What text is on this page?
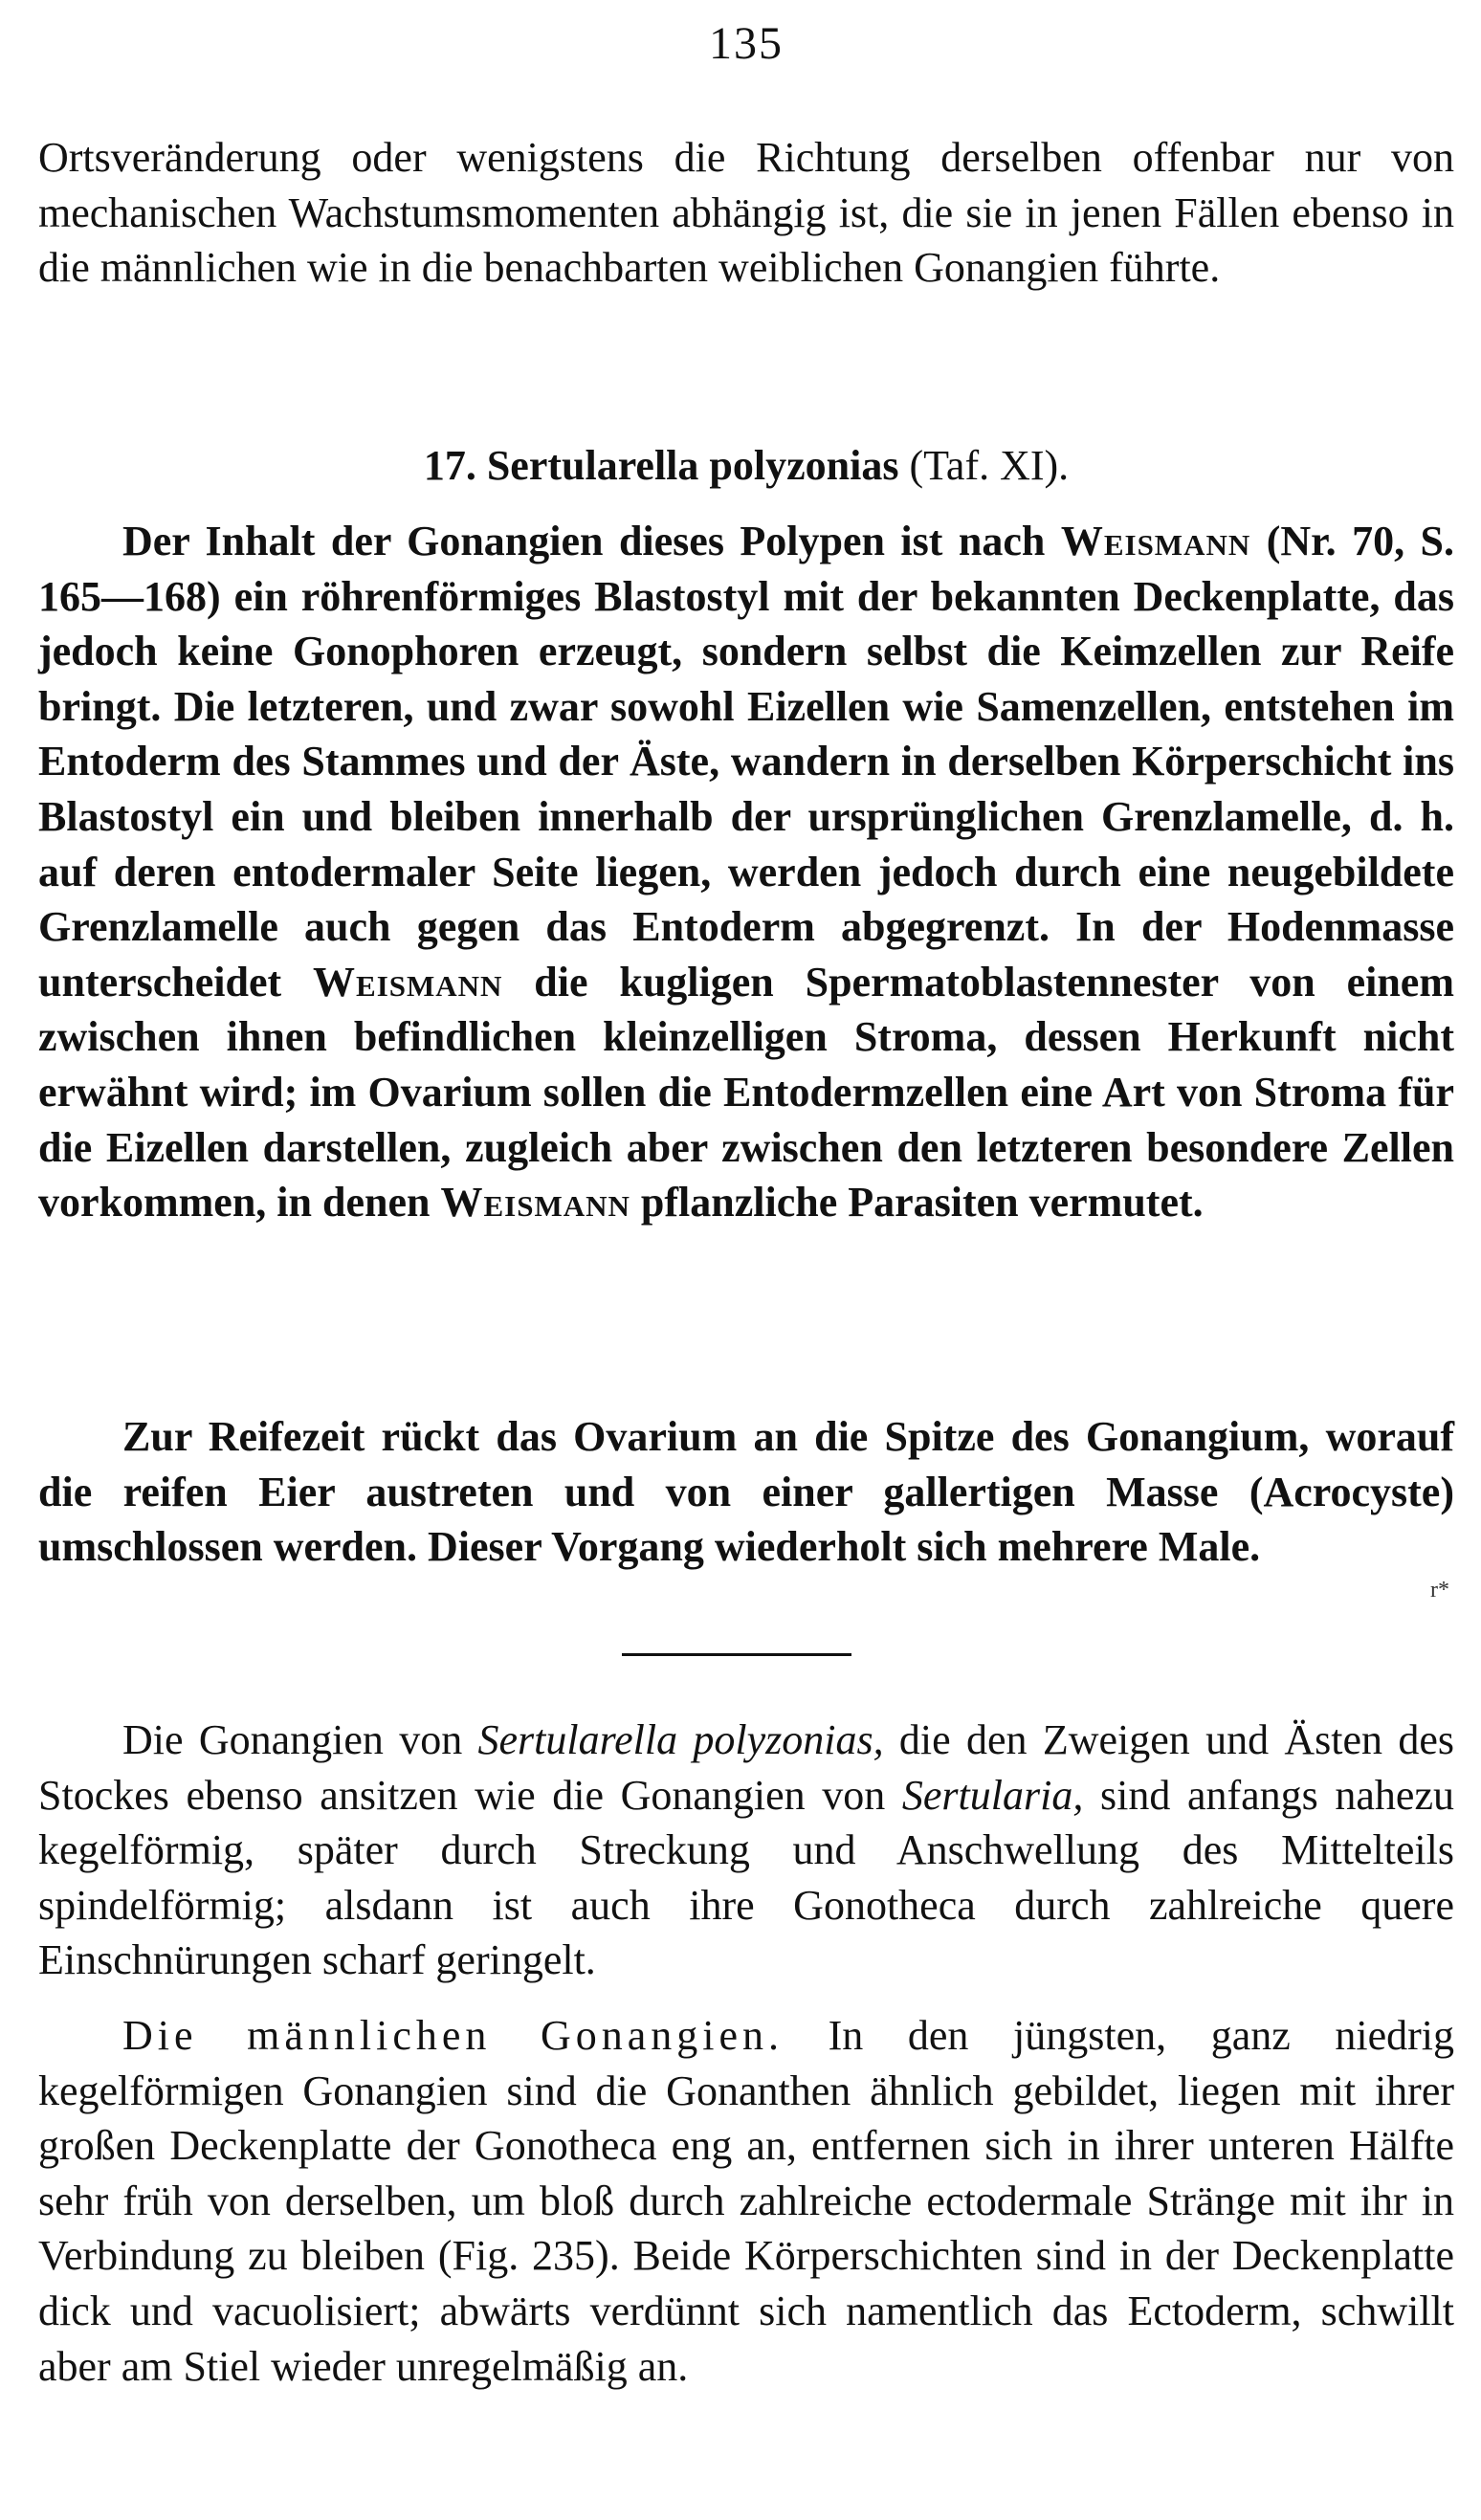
135

Ortsveränderung oder wenigstens die Richtung derselben offenbar nur von mechanischen Wachstumsmomenten abhängig ist, die sie in jenen Fällen ebenso in die männlichen wie in die benachbarten weiblichen Gonangien führte.

17. Sertularella polyzonias (Taf. XI).

Der Inhalt der Gonangien dieses Polypen ist nach Weismann (Nr. 70, S. 165—168) ein röhrenförmiges Blastostyl mit der bekannten Deckenplatte, das jedoch keine Gonophoren erzeugt, sondern selbst die Keimzellen zur Reife bringt. Die letzteren, und zwar sowohl Eizellen wie Samenzellen, entstehen im Entoderm des Stammes und der Äste, wandern in derselben Körperschicht ins Blastostyl ein und bleiben innerhalb der ursprünglichen Grenzlamelle, d. h. auf deren entodermaler Seite liegen, werden jedoch durch eine neugebildete Grenzlamelle auch gegen das Entoderm abgegrenzt. In der Hodenmasse unterscheidet Weismann die kugligen Spermatoblastennester von einem zwischen ihnen befindlichen kleinzelligen Stroma, dessen Herkunft nicht erwähnt wird; im Ovarium sollen die Entodermzellen eine Art von Stroma für die Eizellen darstellen, zugleich aber zwischen den letzteren besondere Zellen vorkommen, in denen Weismann pflanzliche Parasiten vermutet.

Zur Reifezeit rückt das Ovarium an die Spitze des Gonangium, worauf die reifen Eier austreten und von einer gallertigen Masse (Acrocyste) umschlossen werden. Dieser Vorgang wiederholt sich mehrere Male.

r*

Die Gonangien von Sertularella polyzonias, die den Zweigen und Ästen des Stockes ebenso ansitzen wie die Gonangien von Sertularia, sind anfangs nahezu kegelförmig, später durch Streckung und Anschwellung des Mittelteils spindelförmig; alsdann ist auch ihre Gonotheca durch zahlreiche quere Einschnürungen scharf geringelt.

Die männlichen Gonangien. In den jüngsten, ganz niedrig kegelförmigen Gonangien sind die Gonanthen ähnlich gebildet, liegen mit ihrer großen Deckenplatte der Gonotheca eng an, entfernen sich in ihrer unteren Hälfte sehr früh von derselben, um bloß durch zahlreiche ectodermale Stränge mit ihr in Verbindung zu bleiben (Fig. 235). Beide Körperschichten sind in der Deckenplatte dick und vacuolisiert; abwärts verdünnt sich namentlich das Ectoderm, schwillt aber am Stiel wieder unregelmäßig an.
